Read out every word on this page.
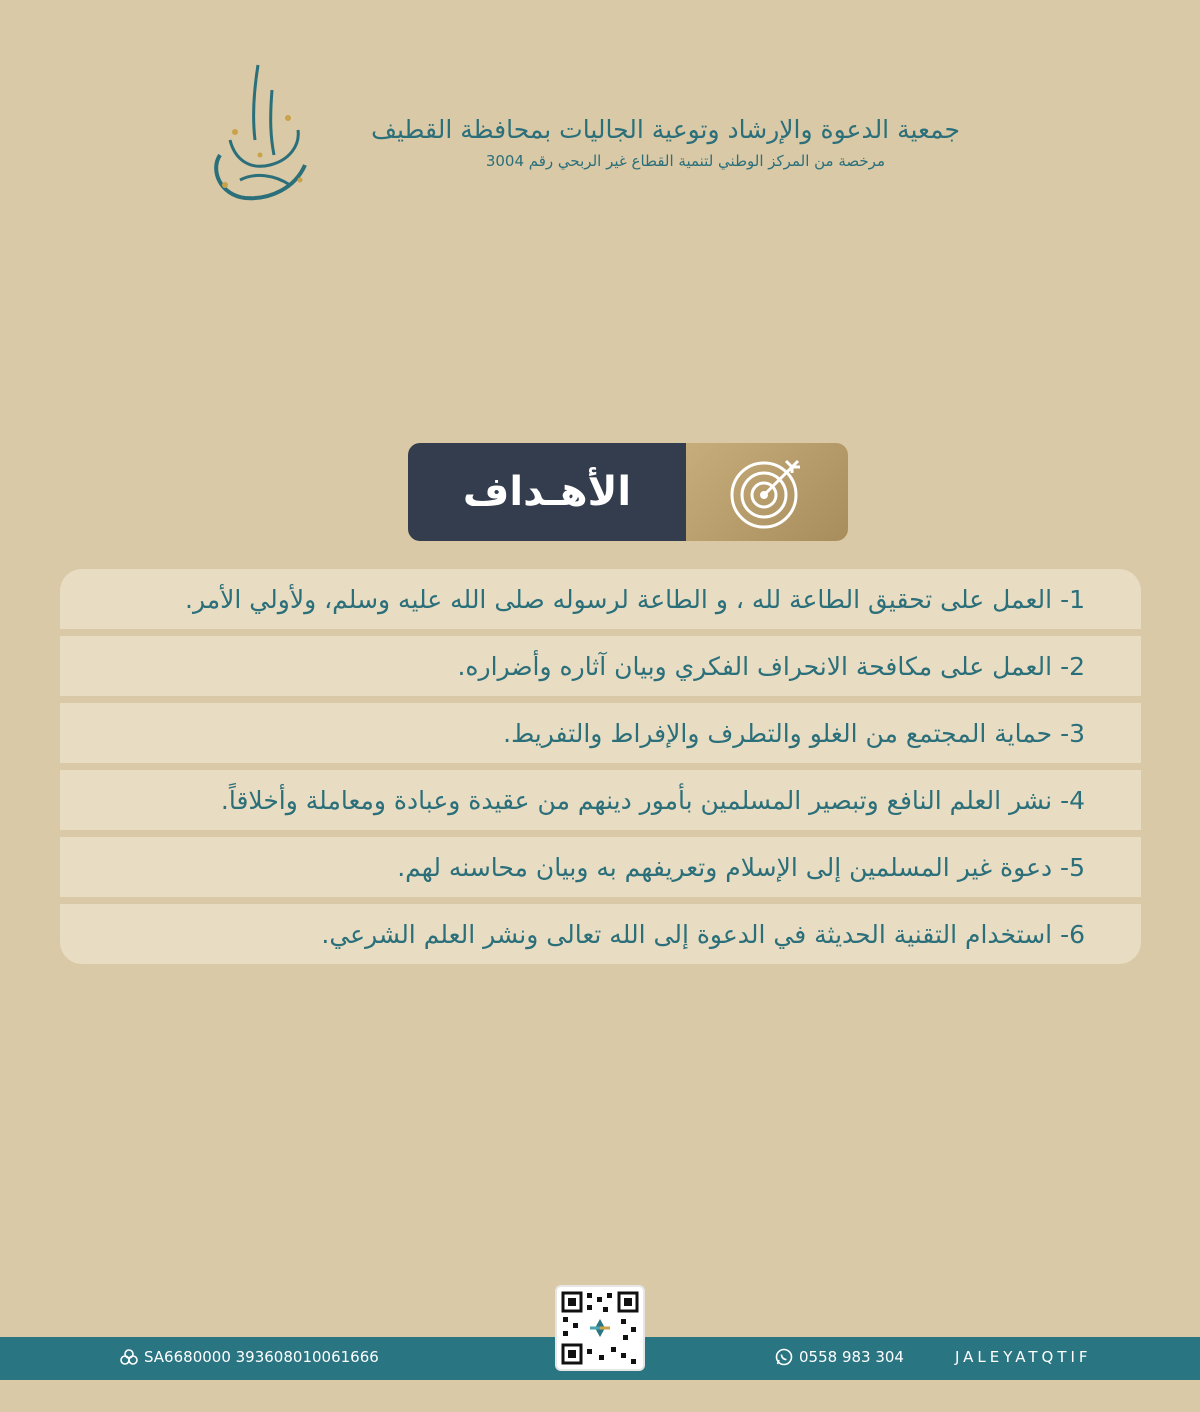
جمعية الدعوة والإرشاد وتوعية الجاليات بمحافظة القطيف
مرخصة من المركز الوطني لتنمية القطاع غير الربحي رقم 3004
الأهـداف
1- العمل على تحقيق الطاعة لله ، و الطاعة لرسوله صلى الله عليه وسلم، ولأولي الأمر.
2- العمل على مكافحة الانحراف الفكري وبيان آثاره وأضراره.
3- حماية المجتمع من الغلو والتطرف والإفراط والتفريط.
4- نشر العلم النافع وتبصير المسلمين بأمور دينهم من عقيدة وعبادة ومعاملة وأخلاقاً.
5- دعوة غير المسلمين إلى الإسلام وتعريفهم به وبيان محاسنه لهم.
6- استخدام التقنية الحديثة في الدعوة إلى الله تعالى ونشر العلم الشرعي.
SA6680000 393608010061666	0558 983 304	JALEYATQTIF
